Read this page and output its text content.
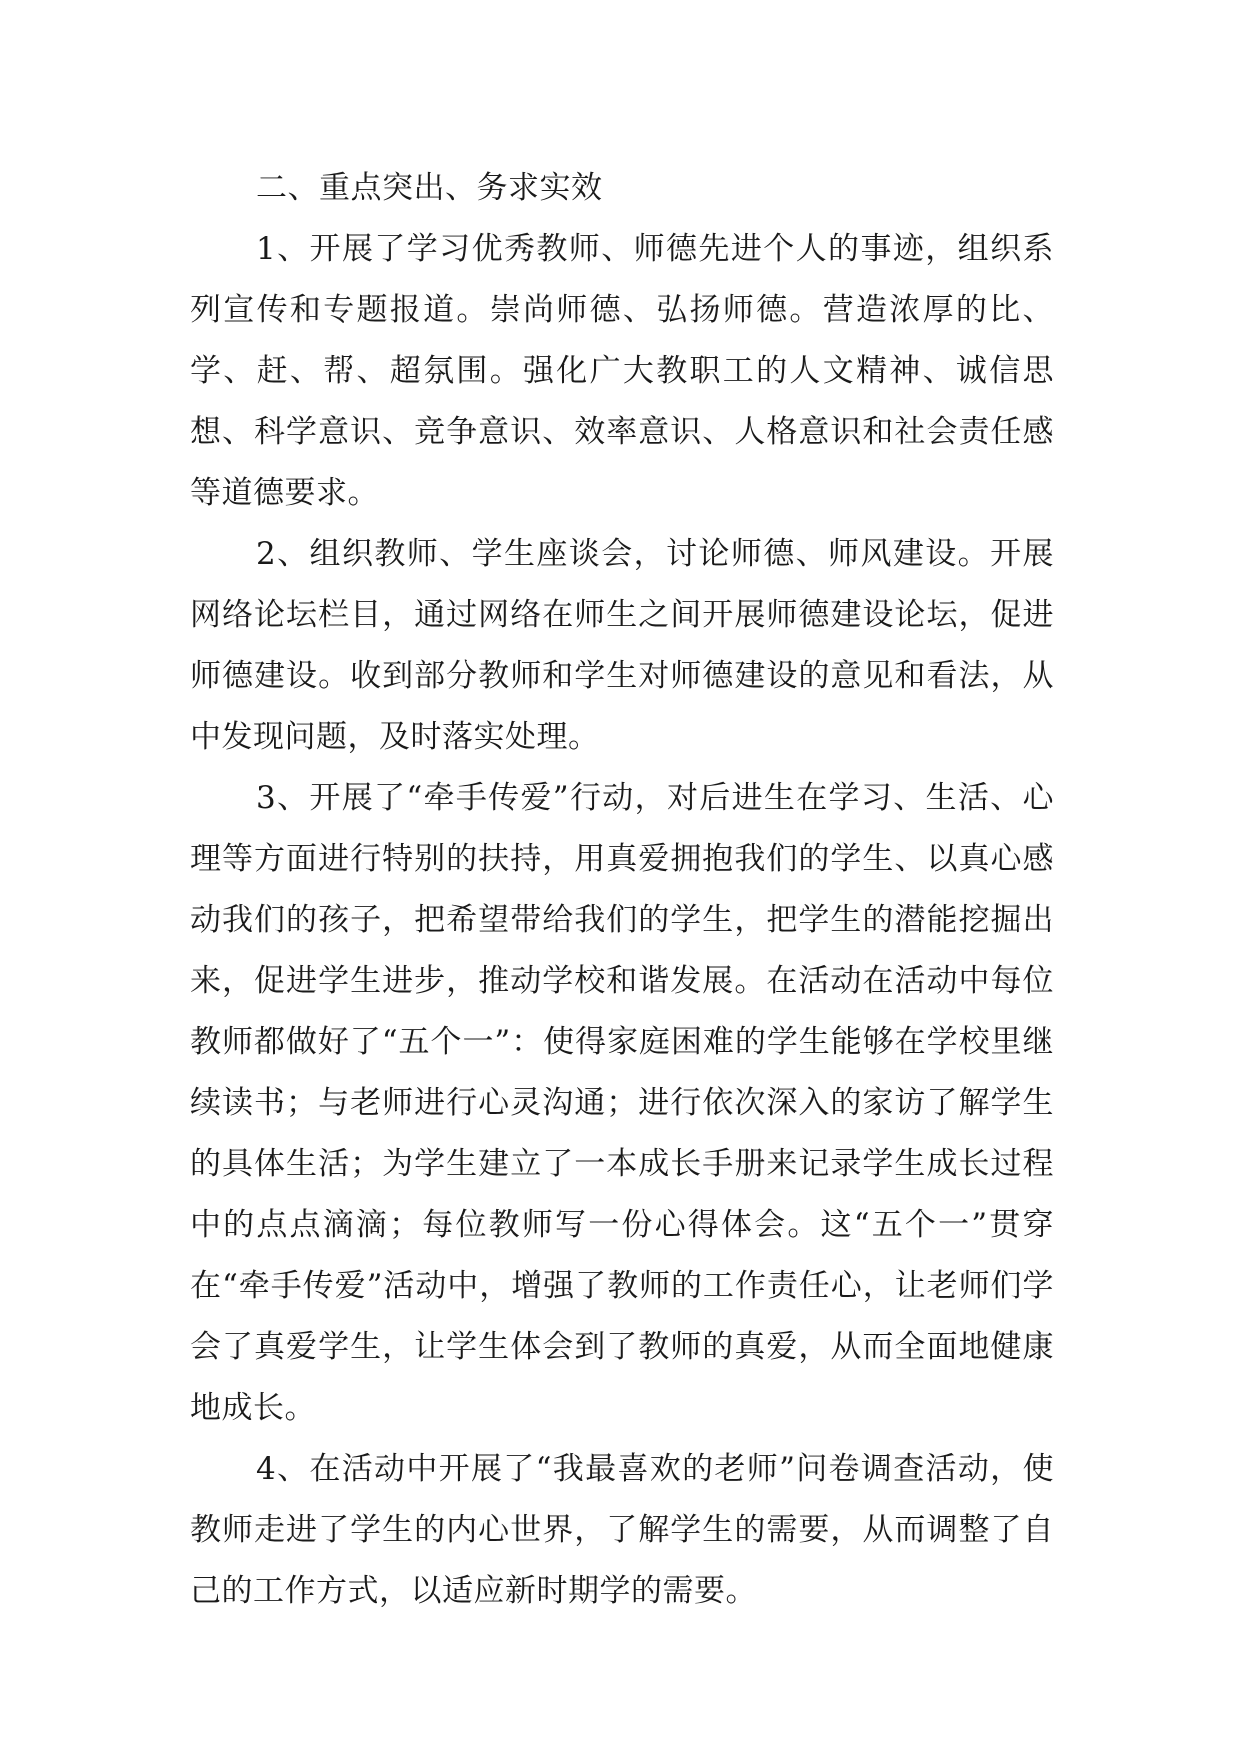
二、重点突出、务求实效

1、开展了学习优秀教师、师德先进个人的事迹，组织系列宣传和专题报道。崇尚师德、弘扬师德。营造浓厚的比、学、赶、帮、超氛围。强化广大教职工的人文精神、诚信思想、科学意识、竞争意识、效率意识、人格意识和社会责任感等道德要求。

2、组织教师、学生座谈会，讨论师德、师风建设。开展网络论坛栏目，通过网络在师生之间开展师德建设论坛，促进师德建设。收到部分教师和学生对师德建设的意见和看法，从中发现问题，及时落实处理。

3、开展了“牵手传爱”行动，对后进生在学习、生活、心理等方面进行特别的扶持，用真爱拥抱我们的学生、以真心感动我们的孩子，把希望带给我们的学生，把学生的潜能挖掘出来，促进学生进步，推动学校和谐发展。在活动在活动中每位教师都做好了“五个一”：使得家庭困难的学生能够在学校里继续读书；与老师进行心灵沟通；进行依次深入的家访了解学生的具体生活；为学生建立了一本成长手册来记录学生成长过程中的点点滴滴；每位教师写一份心得体会。这“五个一”贯穿在“牵手传爱”活动中，增强了教师的工作责任心，让老师们学会了真爱学生，让学生体会到了教师的真爱，从而全面地健康地成长。

4、在活动中开展了“我最喜欢的老师”问卷调查活动，使教师走进了学生的内心世界，了解学生的需要，从而调整了自己的工作方式，以适应新时期学的需要。
